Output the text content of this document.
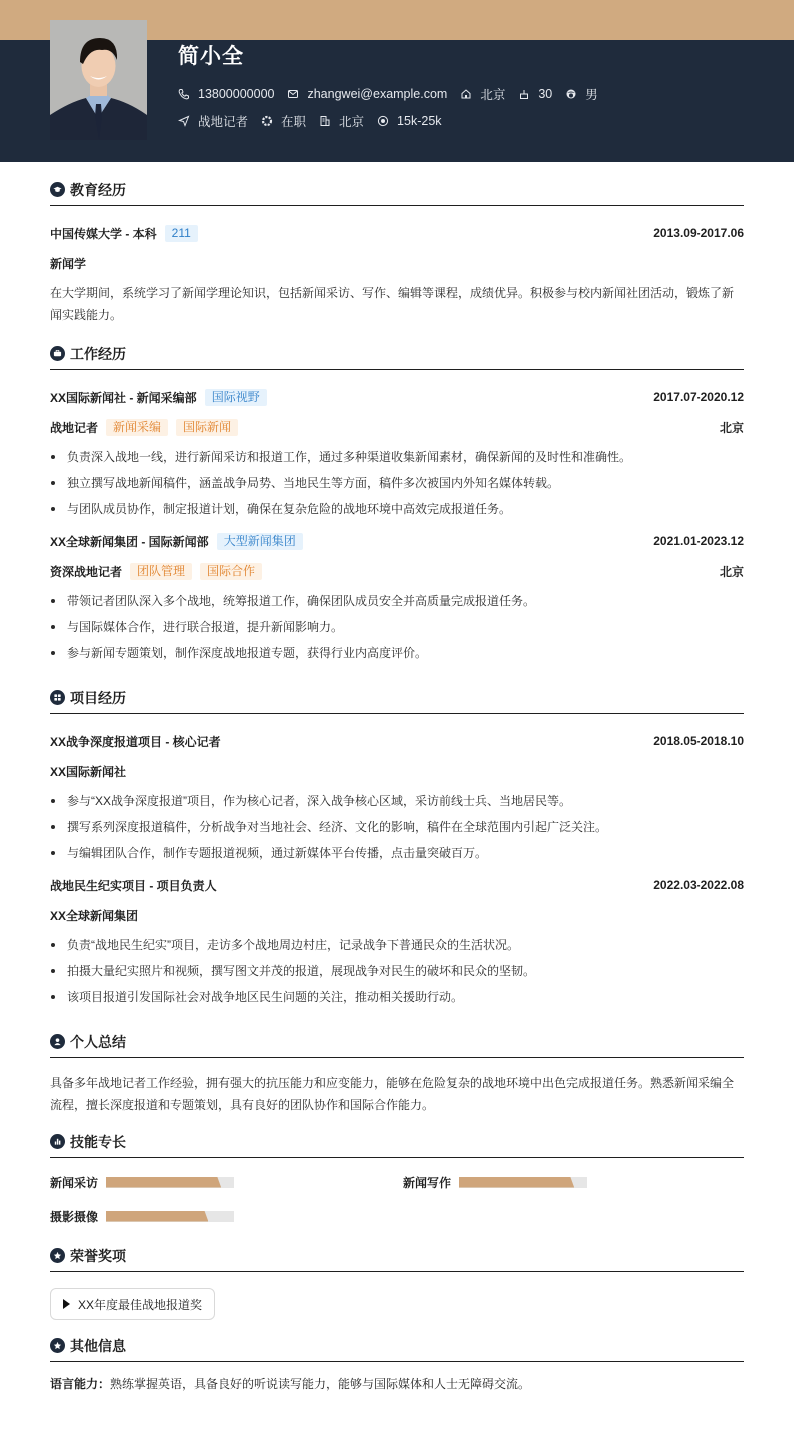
简小全
13800000000	zhangwei@example.com	北京	30	男
战地记者	在职	北京	15k-25k
教育经历
中国传媒大学 - 本科	211	2013.09-2017.06
新闻学
在大学期间，系统学习了新闻学理论知识，包括新闻采访、写作、编辑等课程，成绩优异。积极参与校内新闻社团活动，锻炼了新闻实践能力。
工作经历
XX国际新闻社 - 新闻采编部	国际视野	2017.07-2020.12
战地记者	新闻采编	国际新闻	北京
负责深入战地一线，进行新闻采访和报道工作，通过多种渠道收集新闻素材，确保新闻的及时性和准确性。
独立撰写战地新闻稿件，涵盖战争局势、当地民生等方面，稿件多次被国内外知名媒体转载。
与团队成员协作，制定报道计划，确保在复杂危险的战地环境中高效完成报道任务。
XX全球新闻集团 - 国际新闻部	大型新闻集团	2021.01-2023.12
资深战地记者	团队管理	国际合作	北京
带领记者团队深入多个战地，统筹报道工作，确保团队成员安全并高质量完成报道任务。
与国际媒体合作，进行联合报道，提升新闻影响力。
参与新闻专题策划，制作深度战地报道专题，获得行业内高度评价。
项目经历
XX战争深度报道项目 - 核心记者	2018.05-2018.10
XX国际新闻社
参与“XX战争深度报道”项目，作为核心记者，深入战争核心区域，采访前线士兵、当地居民等。
撰写系列深度报道稿件，分析战争对当地社会、经济、文化的影响，稿件在全球范围内引起广泛关注。
与编辑团队合作，制作专题报道视频，通过新媒体平台传播，点击量突破百万。
战地民生纪实项目 - 项目负责人	2022.03-2022.08
XX全球新闻集团
负责“战地民生纪实”项目，走访多个战地周边村庄，记录战争下普通民众的生活状况。
拍摄大量纪实照片和视频，撰写图文并茂的报道，展现战争对民生的破坏和民众的坚韧。
该项目报道引发国际社会对战争地区民生问题的关注，推动相关援助行动。
个人总结
具备多年战地记者工作经验，拥有强大的抗压能力和应变能力，能够在危险复杂的战地环境中出色完成报道任务。熟悉新闻采编全流程，擅长深度报道和专题策划，具有良好的团队协作和国际合作能力。
技能专长
新闻采访	新闻写作
摄影摄像
荣誉奖项
XX年度最佳战地报道奖
其他信息
语言能力：熟练掌握英语，具备良好的听说读写能力，能够与国际媒体和人士无障碍交流。
